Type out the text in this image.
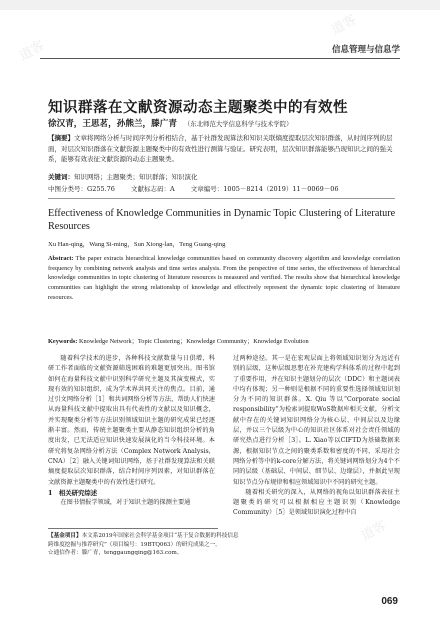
道客
道客
道客
道客
信息管理与信息学
知识群落在文献资源动态主题聚类中的有效性
徐汉青，王思茗，孙熊兰，滕广青 （东北师范大学信息科学与技术学院）
【摘要】文章将网络分析与时间序列分析相结合，基于社群发现算法和知识关联熵度提取层次知识群落，从时间序列的层面，对层次知识群落在文献资源主题聚类中的有效性进行测算与验证。研究表明，层次知识群落能够凸现知识之间的强关系，能够有效表征文献资源的动态主题聚类。
关键词：知识网络；主题聚类；知识群落；知识演化
中图分类号：G255.76 文献标志码：A 文章编号：1005－8214（2019）11－0069－06
Effectiveness of Knowledge Communities in Dynamic Topic Clustering of Literature Resources
Xu Han-qing，Wang Si-ming，Sun Xiong-lan，Teng Guang-qing
Abstract: The paper extracts hierarchical knowledge communities based on community discovery algorithm and knowledge correlation frequency by combining network analysis and time series analysis. From the perspective of time series, the effectiveness of hierarchical knowledge communities in topic clustering of literature resources is measured and verified. The results show that hierarchical knowledge communities can highlight the strong relationship of knowledge and effectively represent the dynamic topic clustering of literature resources.
Keywords: Knowledge Network；Topic Clustering；Knowledge Community；Knowledge Evolution

随着科学技术的进步，各种科技文献数量与日俱增，科研工作者面临的文献资源筛选困难的难题更加突出。图书馆如何在海量科技文献中识别科学研究主题及其演变模式，实现有效的知识组织，成为学术界共同关注的焦点。目前，通过引文网络分析［1］和共词网络分析等方法，帮助人们快速从海量科技文献中提取出具有代表性的文献以及知识概念，并实现聚类分析等方法识别领域知识主题的研究成果已经逐渐丰富。然而，传统主题聚类主要从静态知识组织分析的角度出发，已无法适应知识快速发展演化的当今科技环境。本研究将复杂网络分析方法（Complex Network Analysis，CNA）［2］融入关键词知识网络，基于社群发现算法和关联熵度提取层次知识群落，结合时间序列因素，对知识群落在文献资源主题聚类中的有效性进行研究。

1　相关研究综述

在图书情报学领域，对于知识主题的探测主要通

过两种途径。其一是在宏观层面上将领域知识划分为远近有别的层级，这种层级思想在补充建构学科体系的过程中起到了重要作用，并在知识主题划分的层次（DDC）和主题词表中均有体现；另一种则是根据不同的重要性选择领域知识划分为不同的知识群落。X. Qiu 等以“Corporate social responsibility”为检索词提取WoS数据库相关文献，分析文献中存在的关键词知识网络分为核心层、中间层以及边缘层，并以三个层级为中心的知识社区体系对社会责任领域的研究热点进行分析［3］。L. Xiao等以CIFTD为基础数据来源，根据知识节点之间的聚类系数和密度的不同，采用社会网络分析等中的k-core分解方法，将关键词网络划分为4个不同的层级（基础层、中间层、细节层、边缘层），并据此呈现知识节点分布规律和相应领域知识中不同的研究主题。

随着相关研究的深入，从网络的视角以知识群落表征主题聚类的研究可以根据相应主题识别（Knowledge Community）［5］是领域知识演化过程中自

【基金项目】本文系2019年国家社会科学基金项目“基于复合数据的科技信息跨维度挖掘与推荐研究”（项目编号：19BTQ063）的研究成果之一。

☆通信作者：滕广青，tenggaungqing@163.com。

069
